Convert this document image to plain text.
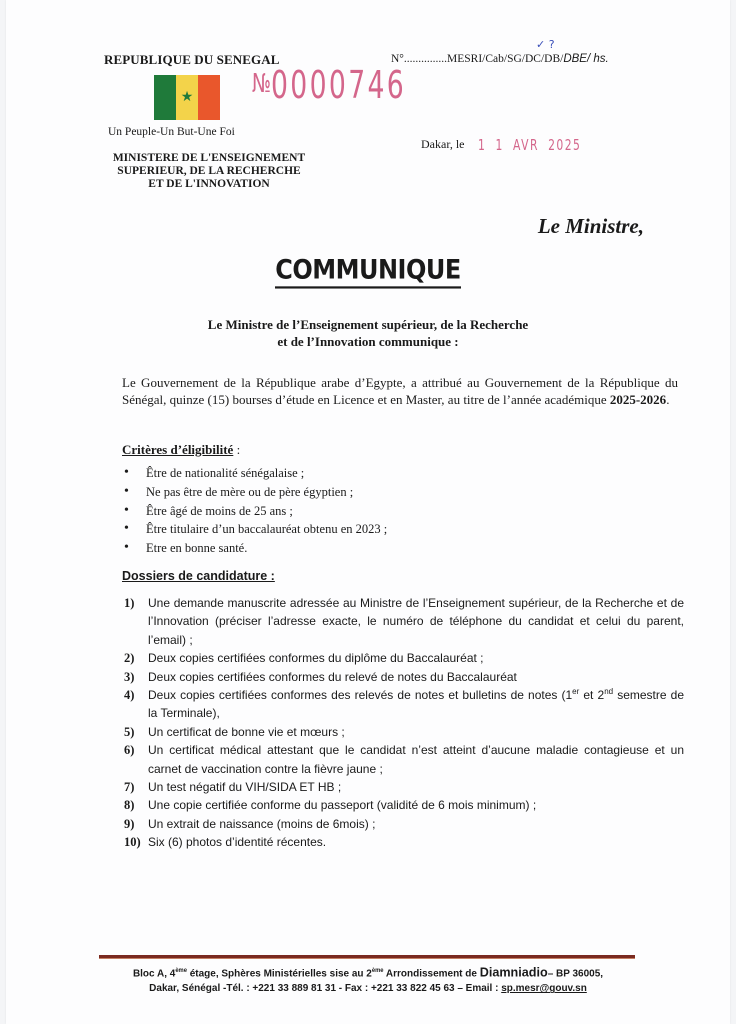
REPUBLIQUE DU SENEGAL
★
Un Peuple-Un But-Une Foi
MINISTERE DE L'ENSEIGNEMENT
SUPERIEUR, DE LA RECHERCHE
ET DE L'INNOVATION
№0000746
✓ ?
N°...............MESRI/Cab/SG/DC/DB/DBE/ hs.
Dakar, le 1 1 AVR 2025
Le Ministre,
COMMUNIQUE
Le Ministre de l’Enseignement supérieur, de la Recherche
et de l’Innovation communique :
Le Gouvernement de la République arabe d’Egypte, a attribué au Gouvernement de la République du Sénégal, quinze (15) bourses d’étude en Licence et en Master, au titre de l’année académique 2025-2026.
Critères d’éligibilité :
• Être de nationalité sénégalaise ;
• Ne pas être de mère ou de père égyptien ;
• Être âgé de moins de 25 ans ;
• Être titulaire d’un baccalauréat obtenu en 2023 ;
• Etre en bonne santé.
Dossiers de candidature :
1) Une demande manuscrite adressée au Ministre de l’Enseignement supérieur, de la Recherche et de l’Innovation (préciser l’adresse exacte, le numéro de téléphone du candidat et celui du parent, l’email) ;
2) Deux copies certifiées conformes du diplôme du Baccalauréat ;
3) Deux copies certifiées conformes du relevé de notes du Baccalauréat
4) Deux copies certifiées conformes des relevés de notes et bulletins de notes (1er et 2nd semestre de la Terminale),
5) Un certificat de bonne vie et mœurs ;
6) Un certificat médical attestant que le candidat n’est atteint d’aucune maladie contagieuse et un carnet de vaccination contre la fièvre jaune ;
7) Un test négatif du VIH/SIDA ET HB ;
8) Une copie certifiée conforme du passeport (validité de 6 mois minimum) ;
9) Un extrait de naissance (moins de 6mois) ;
10) Six (6) photos d’identité récentes.
Bloc A, 4ème étage, Sphères Ministérielles sise au 2ème Arrondissement de Diamniadio– BP 36005,
Dakar, Sénégal -Tél. : +221 33 889 81 31 - Fax : +221 33 822 45 63 – Email : sp.mesr@gouv.sn
